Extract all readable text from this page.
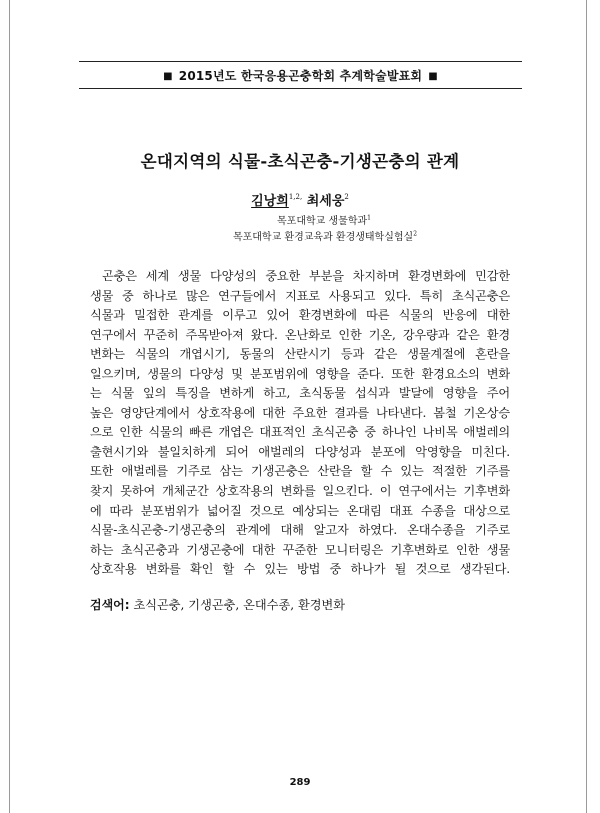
■ 2015년도 한국응용곤충학회 추계학술발표회 ■
온대지역의 식물-초식곤충-기생곤충의 관계
김낭희$^{1,2,}$ 최세웅$^2$
목포대학교 생물학과$^1$
목포대학교 환경교육과 환경생태학실험실$^2$
곤충은 세계 생물 다양성의 중요한 부분을 차지하며 환경변화에 민감한
생물 중 하나로 많은 연구들에서 지표로 사용되고 있다. 특히 초식곤충은
식물과 밀접한 관계를 이루고 있어 환경변화에 따른 식물의 반응에 대한
연구에서 꾸준히 주목받아져 왔다. 온난화로 인한 기온, 강우량과 같은 환경
변화는 식물의 개엽시기, 동물의 산란시기 등과 같은 생물계절에 혼란을
일으키며, 생물의 다양성 및 분포범위에 영향을 준다. 또한 환경요소의 변화
는 식물 잎의 특징을 변하게 하고, 초식동물 섭식과 발달에 영향을 주어
높은 영양단계에서 상호작용에 대한 주요한 결과를 나타낸다. 봄철 기온상승
으로 인한 식물의 빠른 개엽은 대표적인 초식곤충 중 하나인 나비목 애벌레의
출현시기와 불일치하게 되어 애벌레의 다양성과 분포에 악영향을 미친다.
또한 애벌레를 기주로 삼는 기생곤충은 산란을 할 수 있는 적절한 기주를
찾지 못하여 개체군간 상호작용의 변화를 일으킨다. 이 연구에서는 기후변화
에 따라 분포범위가 넓어질 것으로 예상되는 온대림 대표 수종을 대상으로
식물-초식곤충-기생곤충의 관계에 대해 알고자 하였다. 온대수종을 기주로
하는 초식곤충과 기생곤충에 대한 꾸준한 모니터링은 기후변화로 인한 생물
상호작용 변화를 확인 할 수 있는 방법 중 하나가 될 것으로 생각된다.
검색어: 초식곤충, 기생곤충, 온대수종, 환경변화
289
